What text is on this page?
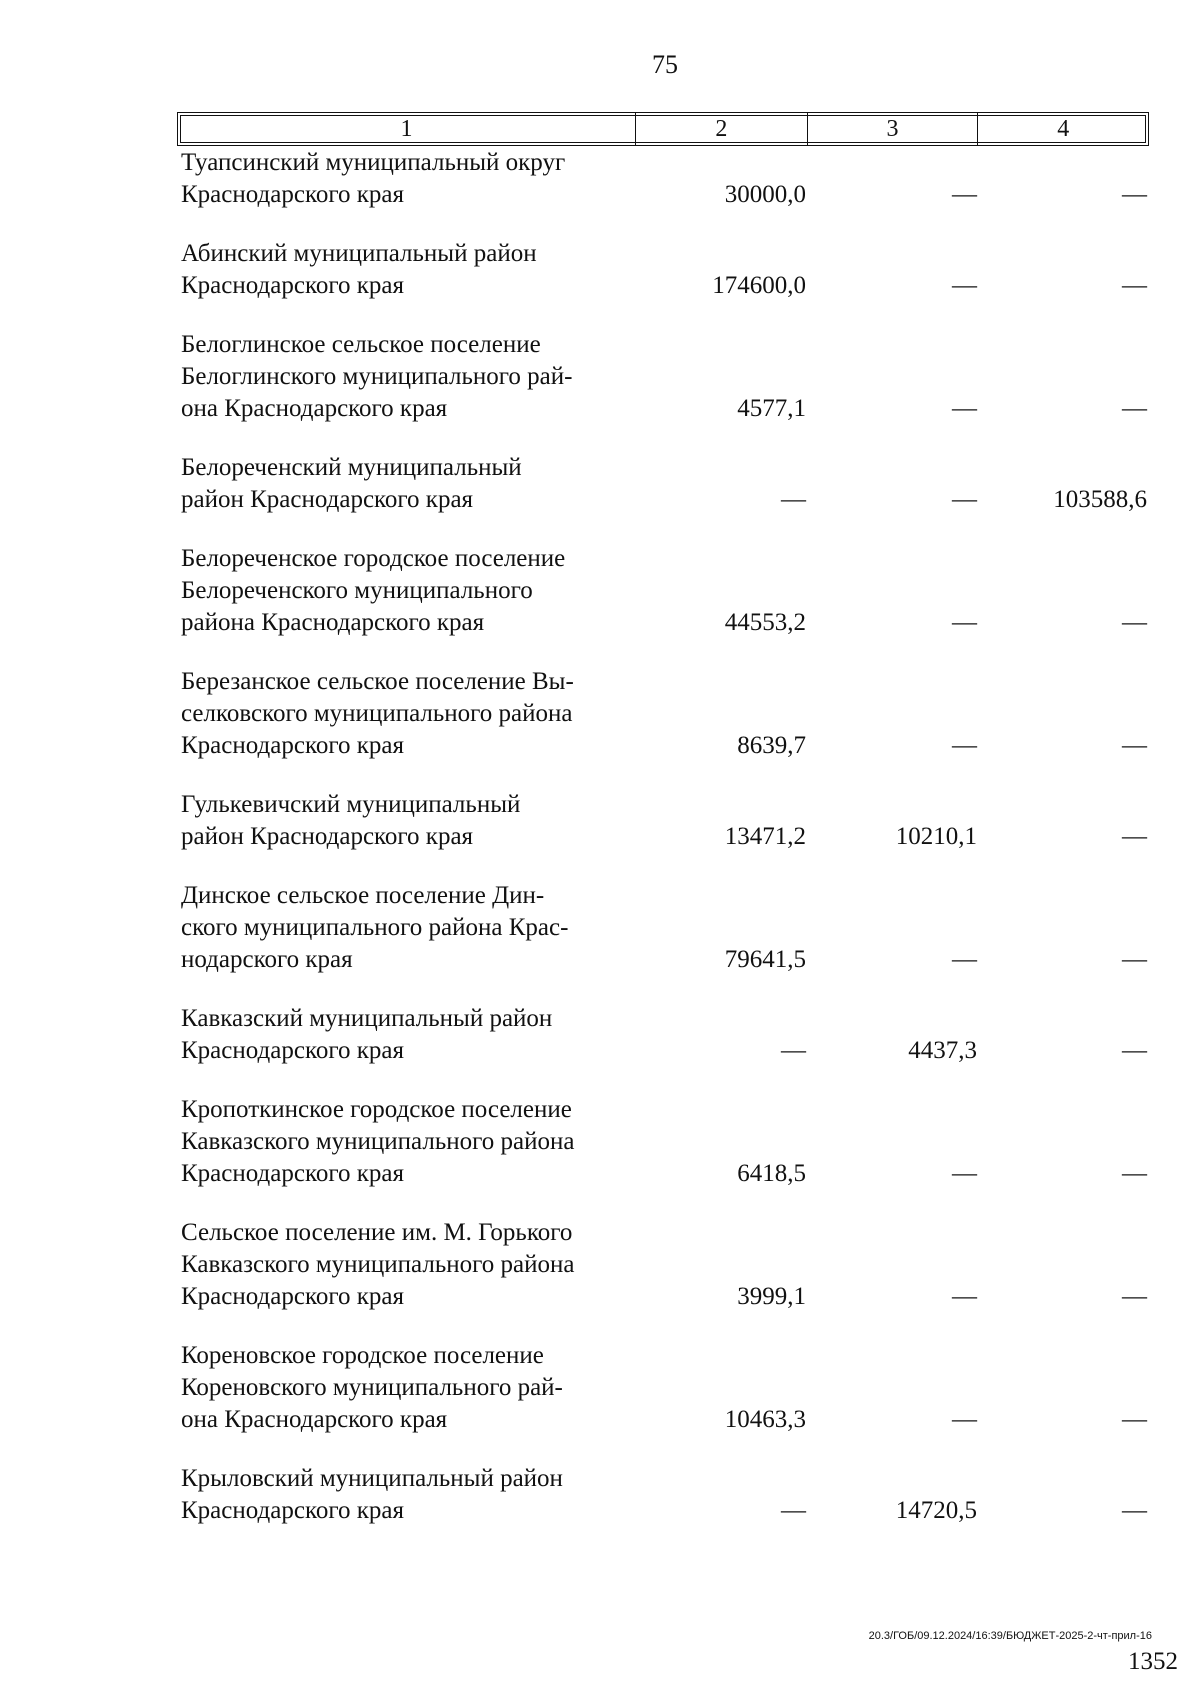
75
1	2	3	4
Туапсинский муниципальный округ
Краснодарского края	30000,0	—	—
Абинский муниципальный район
Краснодарского края	174600,0	—	—
Белоглинское сельское поселение
Белоглинского муниципального рай-
она Краснодарского края	4577,1	—	—
Белореченский муниципальный
район Краснодарского края	—	—	103588,6
Белореченское городское поселение
Белореченского муниципального
района Краснодарского края	44553,2	—	—
Березанское сельское поселение Вы-
селковского муниципального района
Краснодарского края	8639,7	—	—
Гулькевичский муниципальный
район Краснодарского края	13471,2	10210,1	—
Динское сельское поселение Дин-
ского муниципального района Крас-
нодарского края	79641,5	—	—
Кавказский муниципальный район
Краснодарского края	—	4437,3	—
Кропоткинское городское поселение
Кавказского муниципального района
Краснодарского края	6418,5	—	—
Сельское поселение им. М. Горького
Кавказского муниципального района
Краснодарского края	3999,1	—	—
Кореновское городское поселение
Кореновского муниципального рай-
она Краснодарского края	10463,3	—	—
Крыловский муниципальный район
Краснодарского края	—	14720,5	—
20.3/ГОБ/09.12.2024/16:39/БЮДЖЕТ-2025-2-чт-прил-16
1352
